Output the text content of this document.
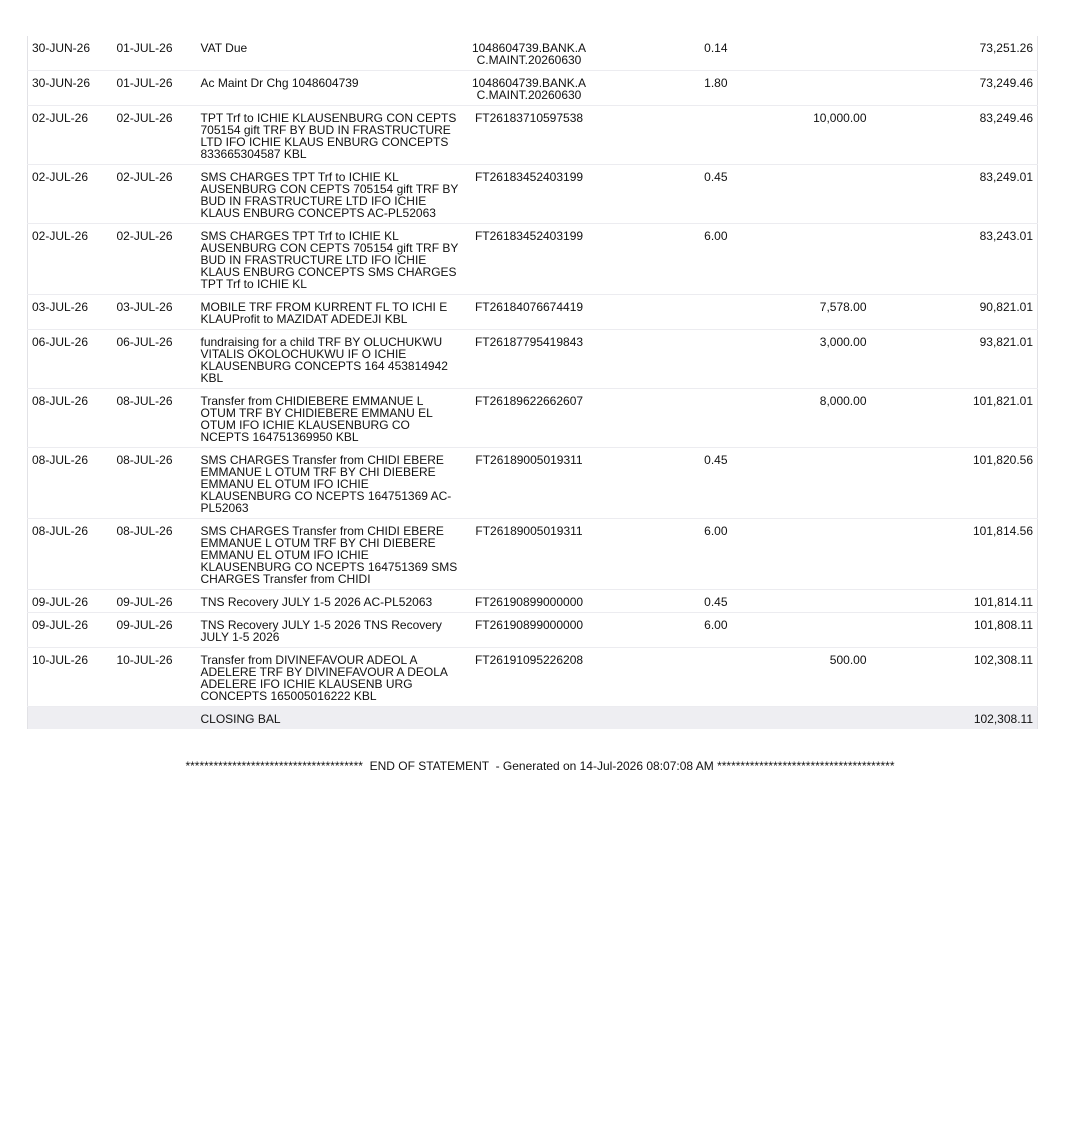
30-JUN-26	01-JUL-26	VAT Due	1048604739.BANK.A C.MAINT.20260630	0.14		73,251.26
30-JUN-26	01-JUL-26	Ac Maint Dr Chg 1048604739	1048604739.BANK.A C.MAINT.20260630	1.80		73,249.46
02-JUL-26	02-JUL-26	TPT Trf to ICHIE KLAUSENBURG CON CEPTS 705154 gift TRF BY BUD IN FRASTRUCTURE LTD IFO ICHIE KLAUS ENBURG CONCEPTS 833665304587 KBL	FT26183710597538		10,000.00	83,249.46
02-JUL-26	02-JUL-26	SMS CHARGES TPT Trf to ICHIE KL AUSENBURG CON CEPTS 705154 gift TRF BY BUD IN FRASTRUCTURE LTD IFO ICHIE KLAUS ENBURG CONCEPTS AC-PL52063	FT26183452403199	0.45		83,249.01
02-JUL-26	02-JUL-26	SMS CHARGES TPT Trf to ICHIE KL AUSENBURG CON CEPTS 705154 gift TRF BY BUD IN FRASTRUCTURE LTD IFO ICHIE KLAUS ENBURG CONCEPTS SMS CHARGES TPT Trf to ICHIE KL	FT26183452403199	6.00		83,243.01
03-JUL-26	03-JUL-26	MOBILE TRF FROM KURRENT FL TO ICHI E KLAUProfit to MAZIDAT ADEDEJI KBL	FT26184076674419		7,578.00	90,821.01
06-JUL-26	06-JUL-26	fundraising for a child TRF BY OLUCHUKWU VITALIS OKOLOCHUKWU IF O ICHIE KLAUSENBURG CONCEPTS 164 453814942 KBL	FT26187795419843		3,000.00	93,821.01
08-JUL-26	08-JUL-26	Transfer from CHIDIEBERE EMMANUE L OTUM TRF BY CHIDIEBERE EMMANU EL OTUM IFO ICHIE KLAUSENBURG CO NCEPTS 164751369950 KBL	FT26189622662607		8,000.00	101,821.01
08-JUL-26	08-JUL-26	SMS CHARGES Transfer from CHIDI EBERE EMMANUE L OTUM TRF BY CHI DIEBERE EMMANU EL OTUM IFO ICHIE KLAUSENBURG CO NCEPTS 164751369 AC-PL52063	FT26189005019311	0.45		101,820.56
08-JUL-26	08-JUL-26	SMS CHARGES Transfer from CHIDI EBERE EMMANUE L OTUM TRF BY CHI DIEBERE EMMANU EL OTUM IFO ICHIE KLAUSENBURG CO NCEPTS 164751369 SMS CHARGES Transfer from CHIDI	FT26189005019311	6.00		101,814.56
09-JUL-26	09-JUL-26	TNS Recovery JULY 1-5 2026 AC-PL52063	FT26190899000000	0.45		101,814.11
09-JUL-26	09-JUL-26	TNS Recovery JULY 1-5 2026 TNS Recovery JULY 1-5 2026	FT26190899000000	6.00		101,808.11
10-JUL-26	10-JUL-26	Transfer from DIVINEFAVOUR ADEOL A ADELERE TRF BY DIVINEFAVOUR A DEOLA ADELERE IFO ICHIE KLAUSENB URG CONCEPTS 165005016222 KBL	FT26191095226208		500.00	102,308.11
		CLOSING BAL				102,308.11
**************************************  END OF STATEMENT  - Generated on 14-Jul-2026 08:07:08 AM **************************************
